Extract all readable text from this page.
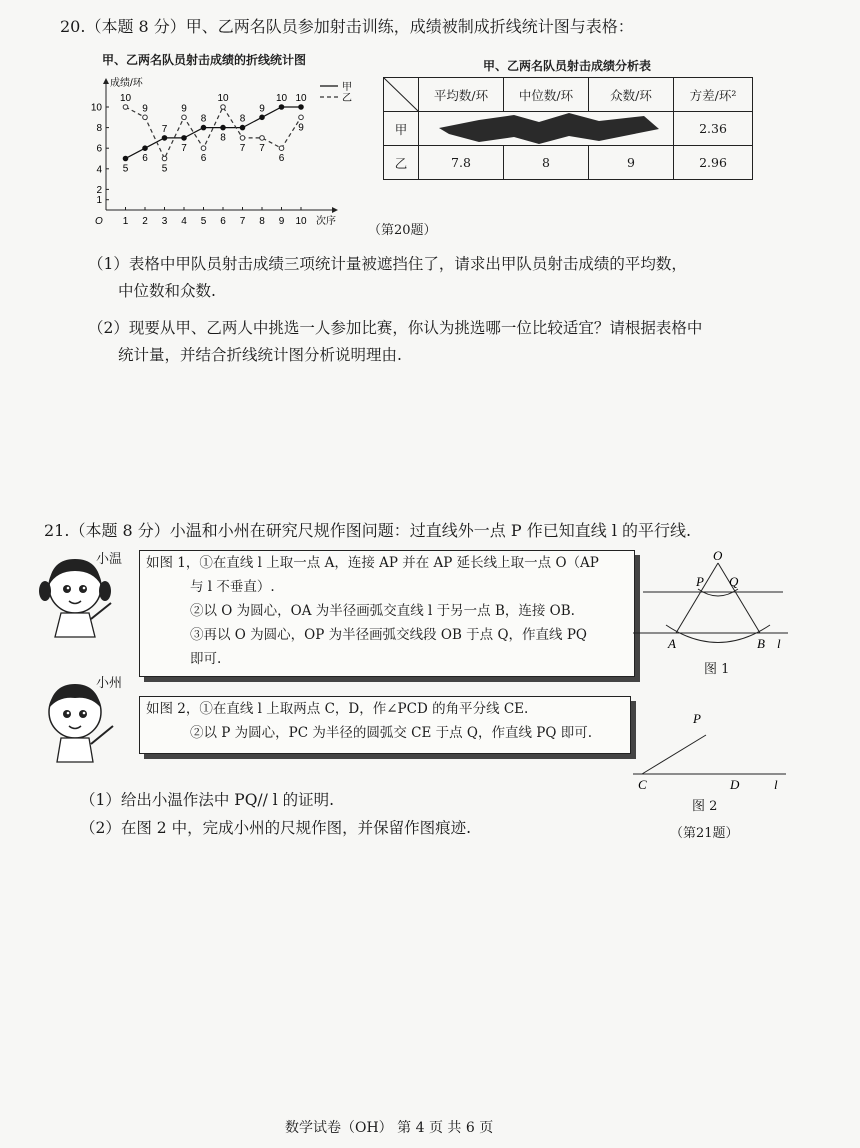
20.（本题 8 分）甲、乙两名队员参加射击训练，成绩被制成折线统计图与表格：
甲、乙两名队员射击成绩的折线统计图
成绩/环
次序
O 1 2 3 4 5 6 7 8 9 10
1
2
4
6
8
10
5
6
7
7
8
8
8
9
10 10
10
9
5
9
6
10
7 7
6
9
甲
乙
甲、乙两名队员射击成绩分析表
	平均数/环	中位数/环	众数/环	方差/环²
甲				2.36
乙	7.8	8	9	2.96
（第20题）
（1）表格中甲队员射击成绩三项统计量被遮挡住了，请求出甲队员射击成绩的平均数，
中位数和众数.
（2）现要从甲、乙两人中挑选一人参加比赛，你认为挑选哪一位比较适宜？请根据表格中
统计量，并结合折线统计图分析说明理由.
21.（本题 8 分）小温和小州在研究尺规作图问题：过直线外一点 P 作已知直线 l 的平行线.
小温 如图 1，①在直线 l 上取一点 A，连接 AP 并在 AP 延长线上取一点 O（AP
与 l 不垂直）.
②以 O 为圆心，OA 为半径画弧交直线 l 于另一点 B，连接 OB.
③再以 O 为圆心，OP 为半径画弧交线段 OB 于点 Q，作直线 PQ
即可.
小州
如图 2，①在直线 l 上取两点 C，D，作∠PCD 的角平分线 CE.
②以 P 为圆心，PC 为半径的圆弧交 CE 于点 Q，作直线 PQ 即可.
O
P Q
A	B l
图 1
P
C	D	l
图 2
（第21题）
（1）给出小温作法中 PQ// l 的证明.
（2）在图 2 中，完成小州的尺规作图，并保留作图痕迹.
数学试卷（OH） 第 4 页 共 6 页
